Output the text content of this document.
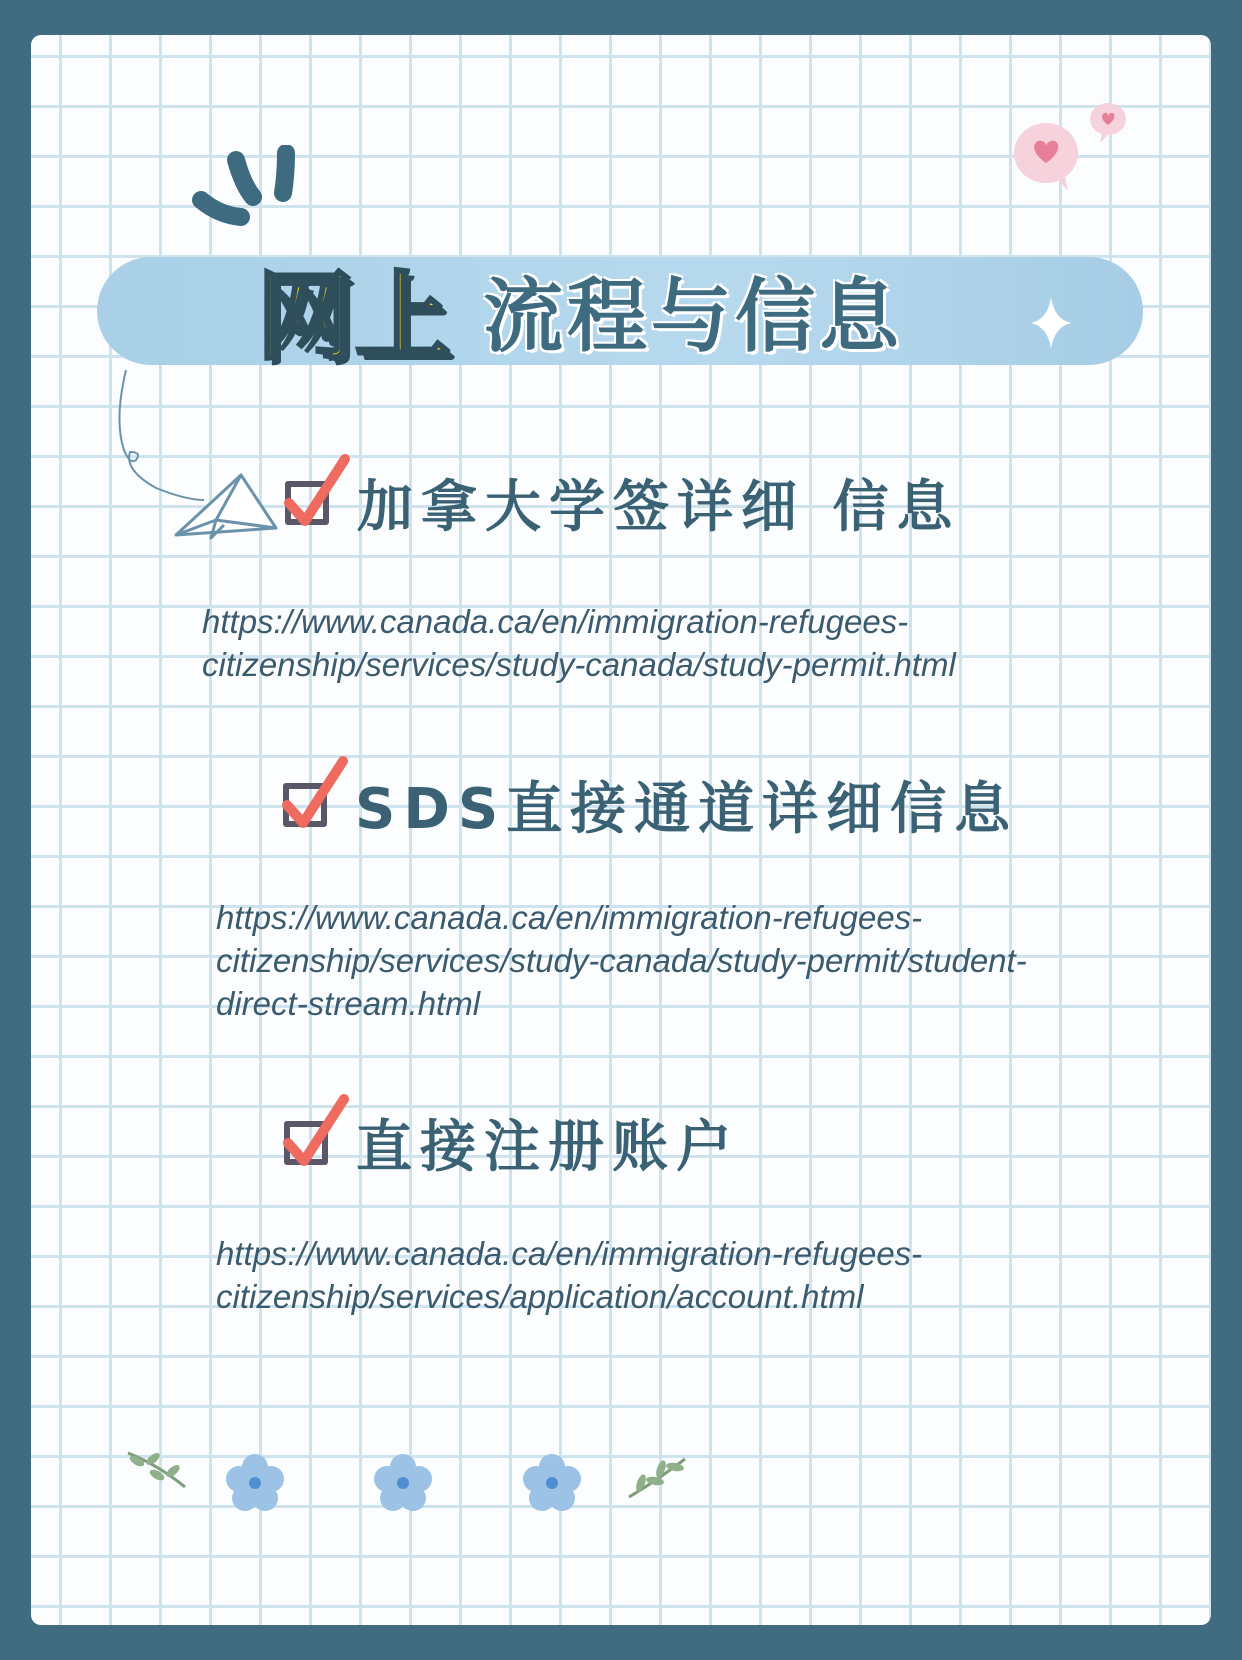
网上 流程与信息
加拿大学签详细 信息
https://www.canada.ca/en/immigration-refugees-
citizenship/services/study-canada/study-permit.html
SDS直接通道详细信息
https://www.canada.ca/en/immigration-refugees-
citizenship/services/study-canada/study-permit/student-
direct-stream.html
直接注册账户
https://www.canada.ca/en/immigration-refugees-
citizenship/services/application/account.html
